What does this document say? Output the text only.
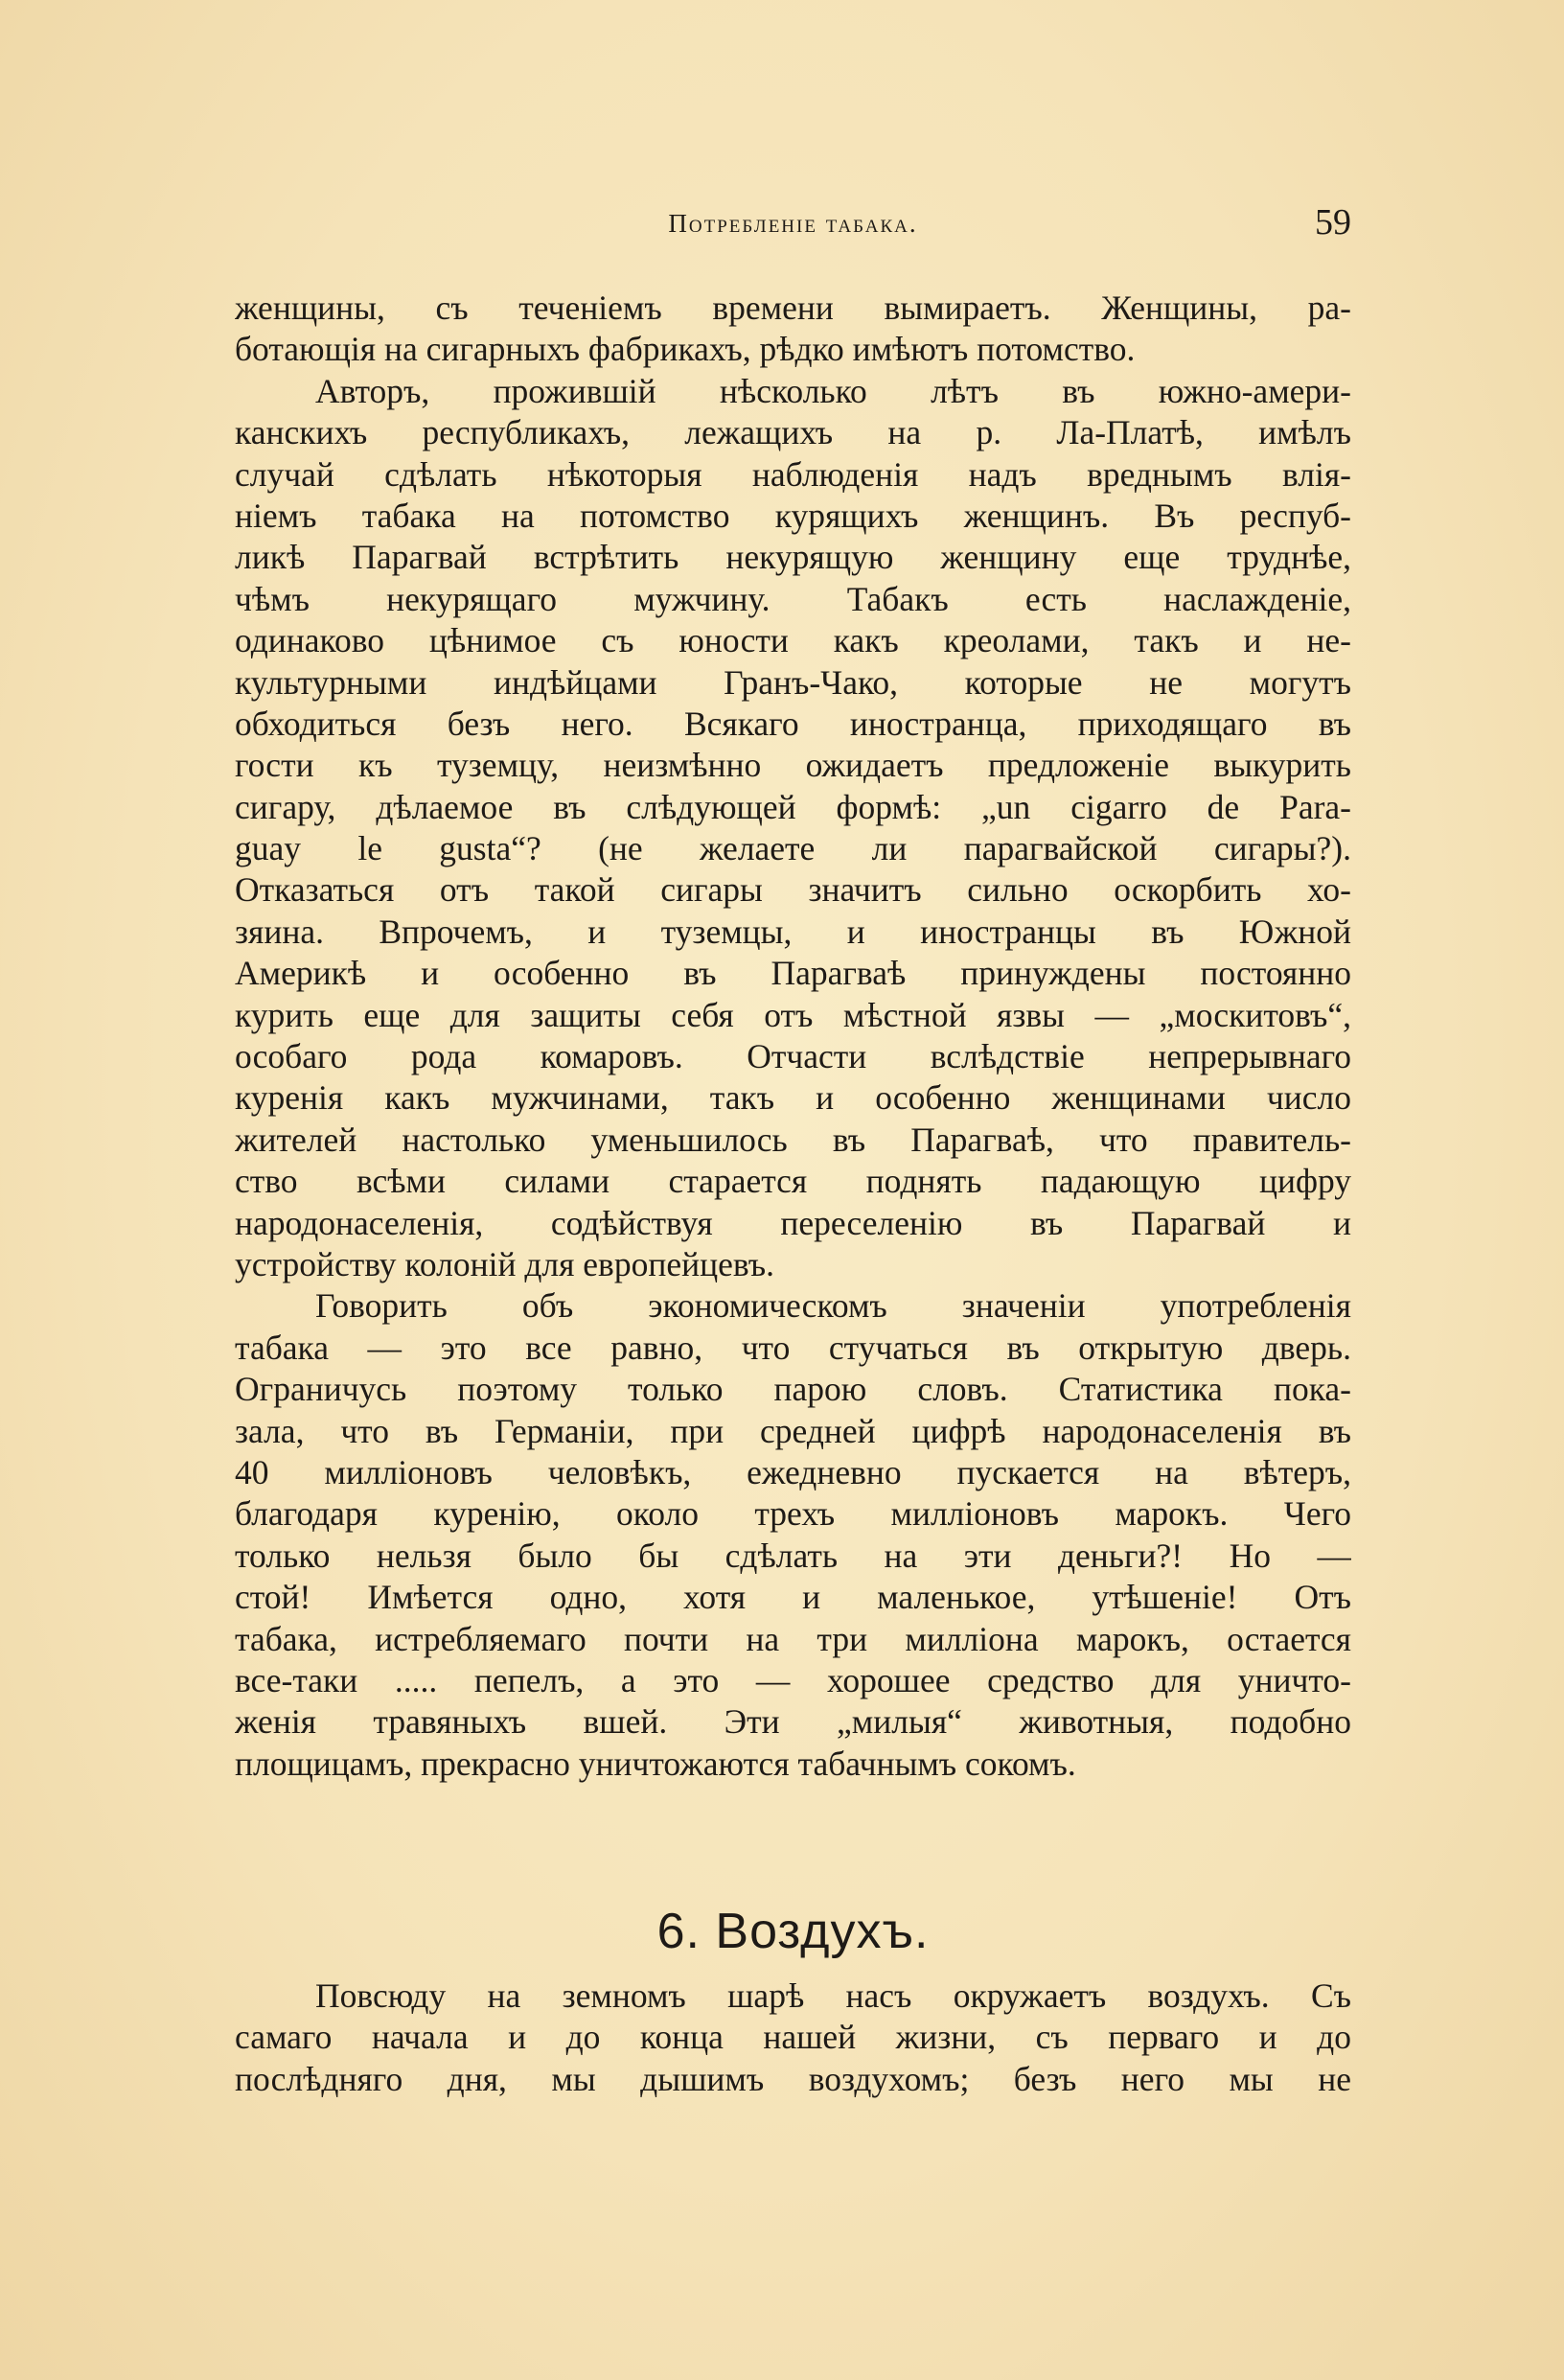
Потребленіе табака.	59
женщины, съ теченіемъ времени вымираетъ. Женщины, ра-
ботающія на сигарныхъ фабрикахъ, рѣдко имѣютъ потомство.
Авторъ, прожившій нѣсколько лѣтъ въ южно-амери-
канскихъ республикахъ, лежащихъ на р. Ла-Платѣ, имѣлъ
случай сдѣлать нѣкоторыя наблюденія надъ вреднымъ влія-
ніемъ табака на потомство курящихъ женщинъ. Въ респуб-
ликѣ Парагвай встрѣтить некурящую женщину еще труднѣе,
чѣмъ некурящаго мужчину. Табакъ есть наслажденіе,
одинаково цѣнимое съ юности какъ креолами, такъ и не-
культурными индѣйцами Гранъ-Чако, которые не могутъ
обходиться безъ него. Всякаго иностранца, приходящаго въ
гости къ туземцу, неизмѣнно ожидаетъ предложеніе выкурить
сигару, дѣлаемое въ слѣдующей формѣ: „un cigarro de Para-
guay le gusta“? (не желаете ли парагвайской сигары?).
Отказаться отъ такой сигары значитъ сильно оскорбить хо-
зяина. Впрочемъ, и туземцы, и иностранцы въ Южной
Америкѣ и особенно въ Парагваѣ принуждены постоянно
курить еще для защиты себя отъ мѣстной язвы — „москитовъ“,
особаго рода комаровъ. Отчасти вслѣдствіе непрерывнаго
куренія какъ мужчинами, такъ и особенно женщинами число
жителей настолько уменьшилось въ Парагваѣ, что правитель-
ство всѣми силами старается поднять падающую цифру
народонаселенія, содѣйствуя переселенію въ Парагвай и
устройству колоній для европейцевъ.
Говорить объ экономическомъ значеніи употребленія
табака — это все равно, что стучаться въ открытую дверь.
Ограничусь поэтому только парою словъ. Статистика пока-
зала, что въ Германіи, при средней цифрѣ народонаселенія въ
40 милліоновъ человѣкъ, ежедневно пускается на вѣтеръ,
благодаря куренію, около трехъ милліоновъ марокъ. Чего
только нельзя было бы сдѣлать на эти деньги?! Но —
стой! Имѣется одно, хотя и маленькое, утѣшеніе! Отъ
табака, истребляемаго почти на три милліона марокъ, остается
все-таки ..... пепелъ, а это — хорошее средство для уничто-
женія травяныхъ вшей. Эти „милыя“ животныя, подобно
площицамъ, прекрасно уничтожаются табачнымъ сокомъ.
6. Воздухъ.
Повсюду на земномъ шарѣ насъ окружаетъ воздухъ. Съ
самаго начала и до конца нашей жизни, съ перваго и до
послѣдняго дня, мы дышимъ воздухомъ; безъ него мы не
